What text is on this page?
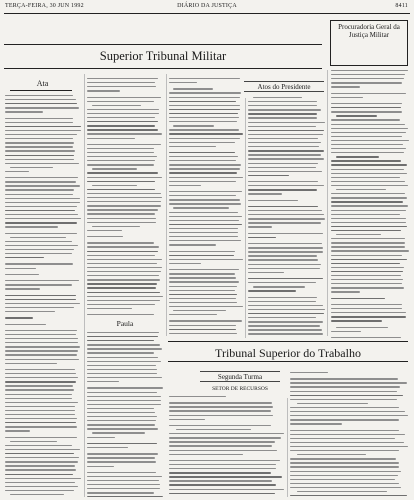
TERÇA-FEIRA, 30 JUN 1992	DIÁRIO DA JUSTIÇA	8411
Superior Tribunal Militar
Procuradoria Geral da Justiça Militar
Ata	Atos do Presidente
Paula
Tribunal Superior do Trabalho
Segunda Turma
SETOR DE RECURSOS
